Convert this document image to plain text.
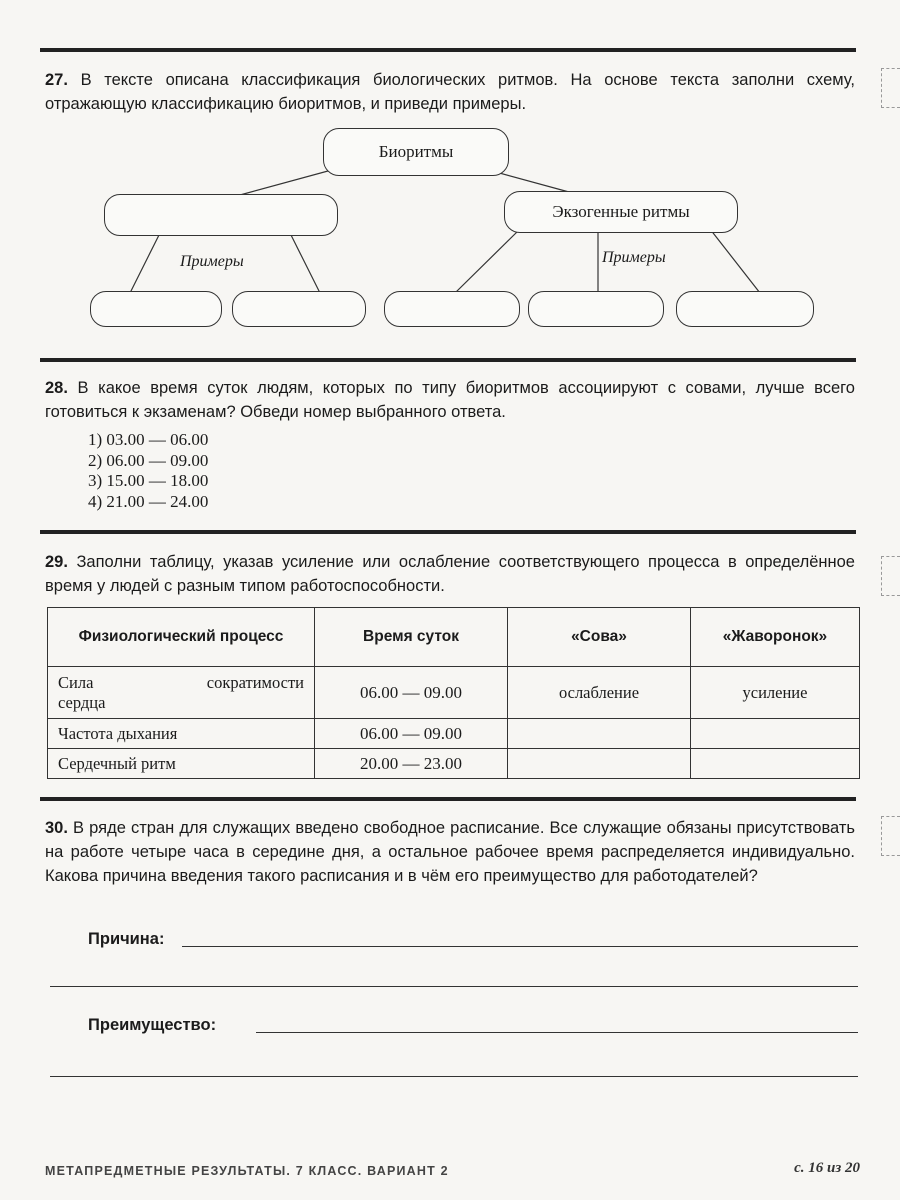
27. В тексте описана классификация биологических ритмов. На основе текста заполни схему, отражающую классификацию биоритмов, и приведи примеры.
Биоритмы
Экзогенные ритмы
Примеры	Примеры
28. В какое время суток людям, которых по типу биоритмов ассоциируют с совами, лучше всего готовиться к экзаменам? Обведи номер выбранного ответа.
1) 03.00 — 06.00
2) 06.00 — 09.00
3) 15.00 — 18.00
4) 21.00 — 24.00
29. Заполни таблицу, указав усиление или ослабление соответствующего процесса в определённое время у людей с разным типом работоспособности.
Физиологический процесс	Время суток	«Сова»	«Жаворонок»

Сила сократимости
сердца	06.00 — 09.00	ослабление	усиление
Частота дыхания	06.00 — 09.00		
Сердечный ритм	20.00 — 23.00		
30. В ряде стран для служащих введено свободное расписание. Все служащие обязаны присутствовать на работе четыре часа в середине дня, а остальное рабочее время распределяется индивидуально. Какова причина введения такого расписания и в чём его преимущество для работодателей?
Причина:
Преимущество:
МЕТАПРЕДМЕТНЫЕ РЕЗУЛЬТАТЫ. 7 КЛАСС. ВАРИАНТ 2	с. 16 из 20
